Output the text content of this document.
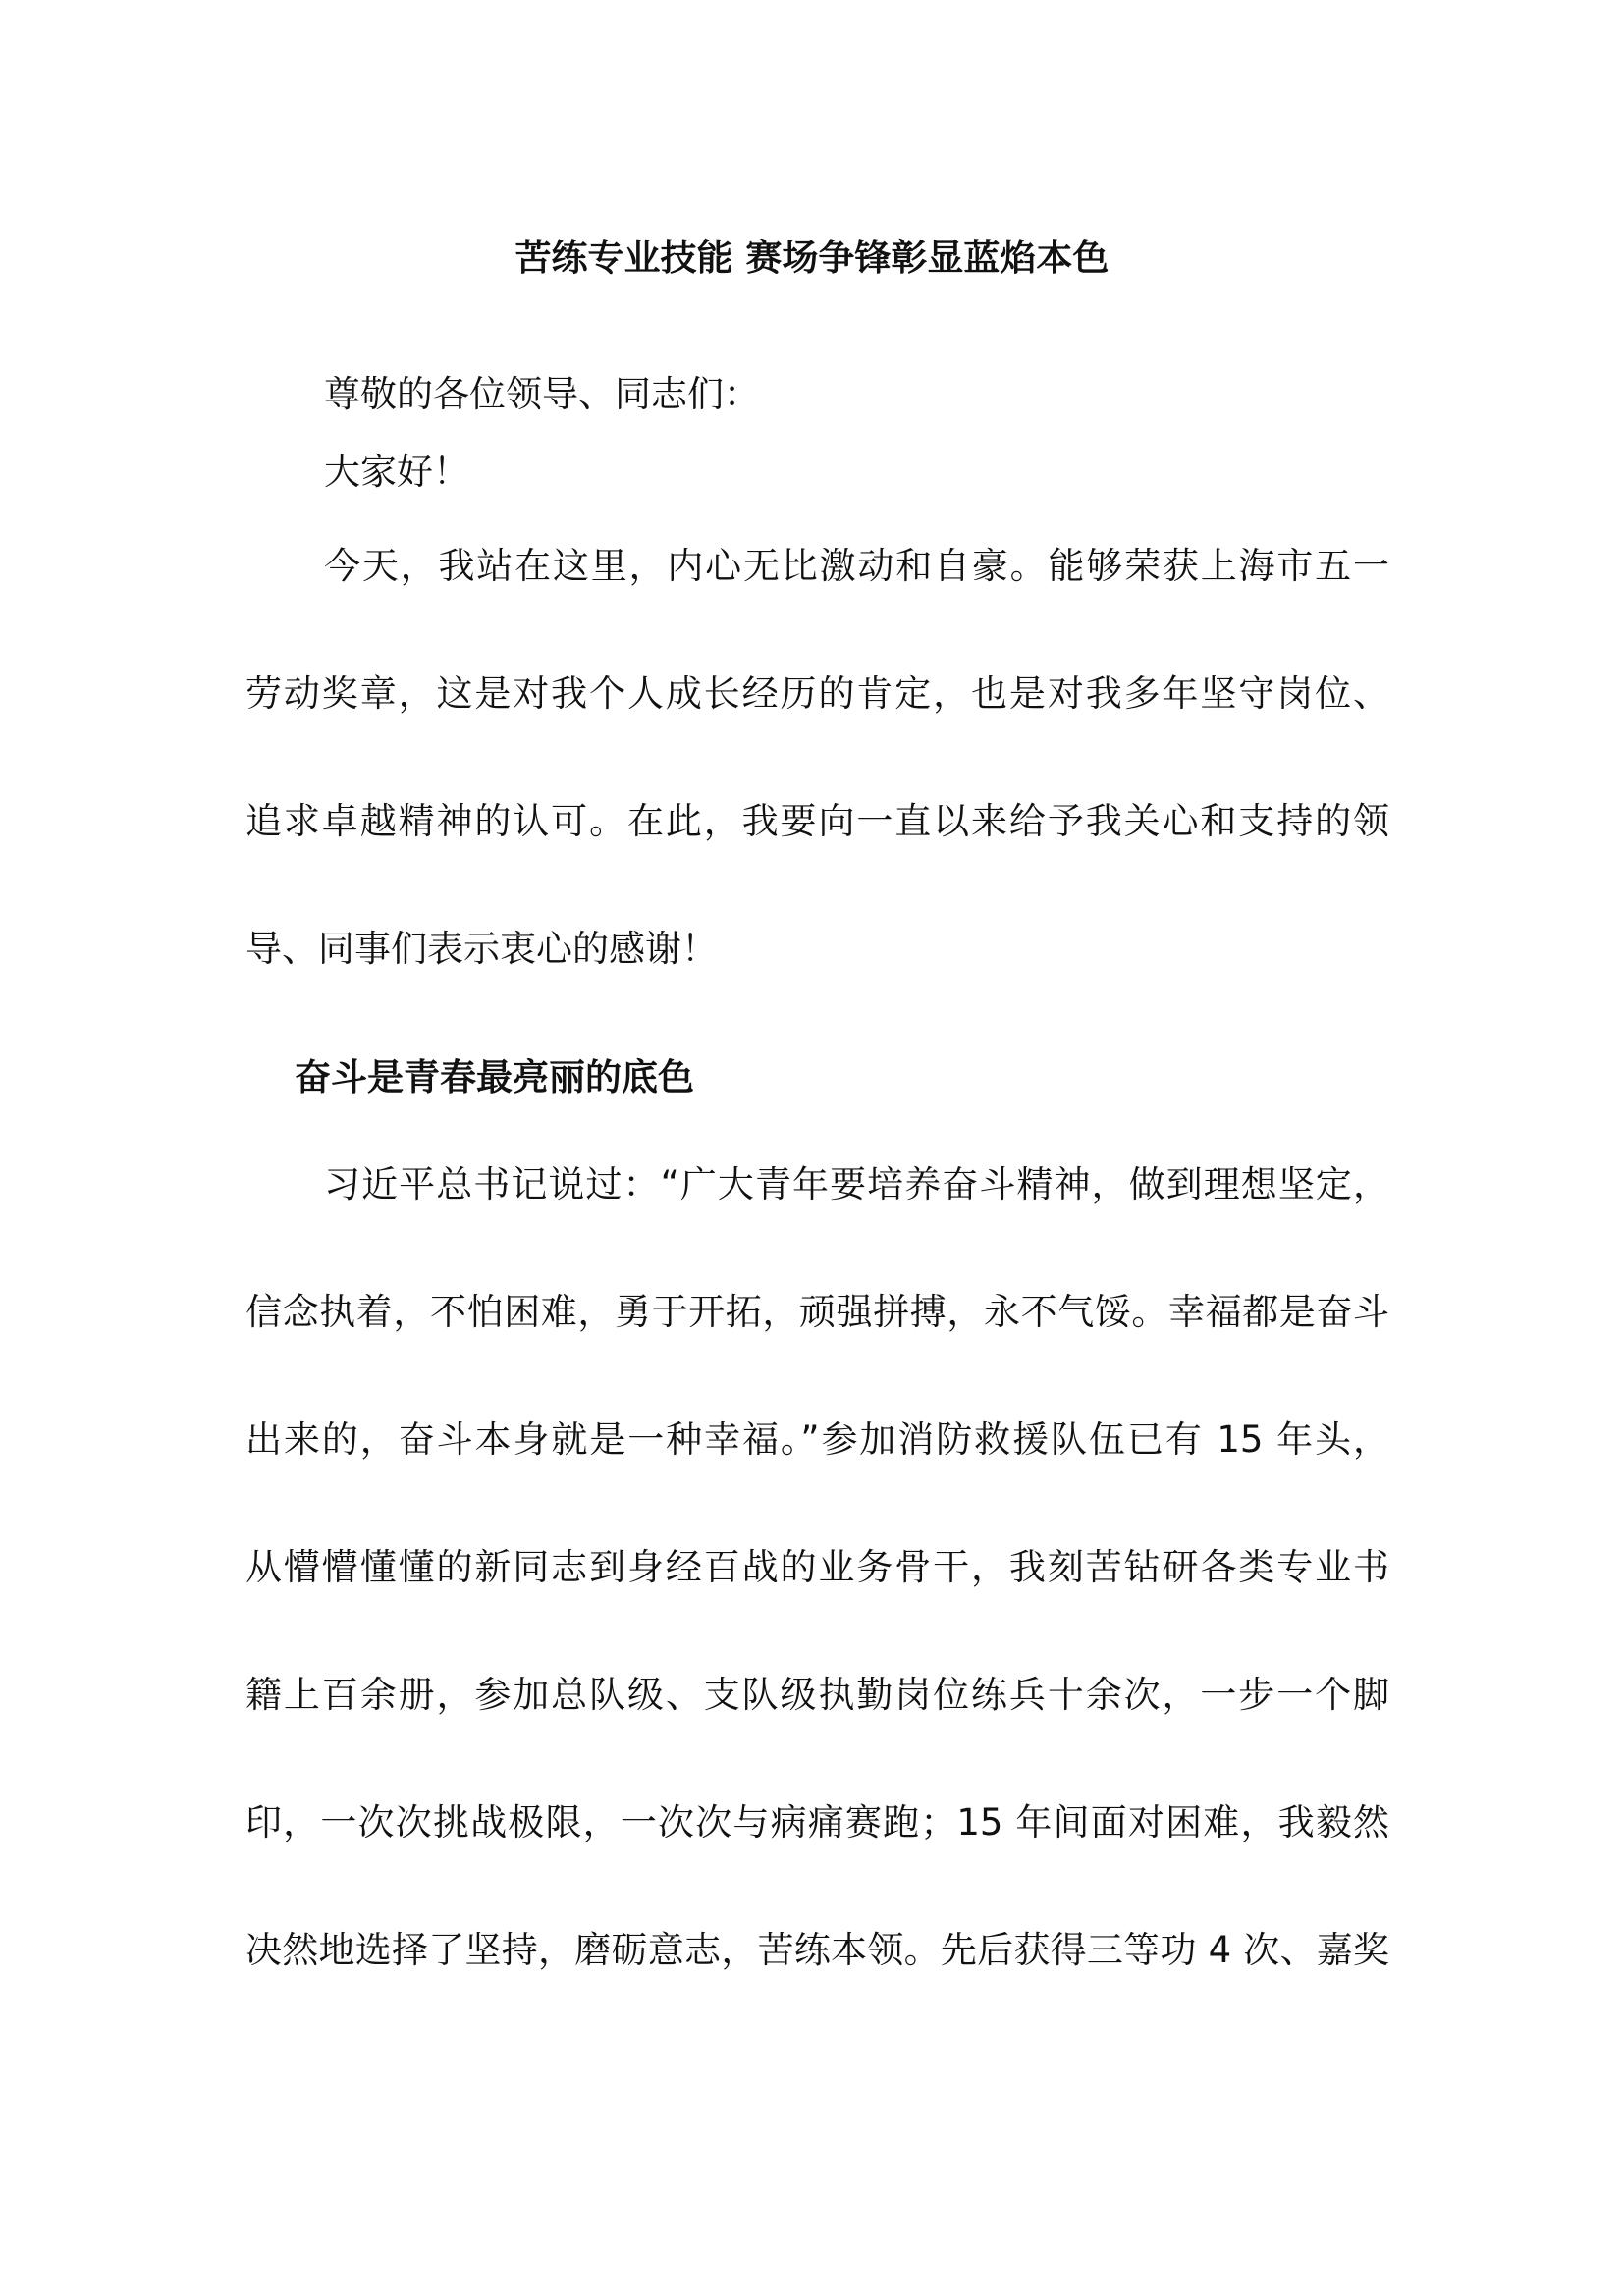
苦练专业技能 赛场争锋彰显蓝焰本色
尊敬的各位领导、同志们：
大家好！
今天，我站在这里，内心无比激动和自豪。能够荣获上海市五一
劳动奖章，这是对我个人成长经历的肯定，也是对我多年坚守岗位、
追求卓越精神的认可。在此，我要向一直以来给予我关心和支持的领
导、同事们表示衷心的感谢！
奋斗是青春最亮丽的底色
习近平总书记说过：“广大青年要培养奋斗精神，做到理想坚定，
信念执着，不怕困难，勇于开拓，顽强拼搏，永不气馁。幸福都是奋斗
出来的，奋斗本身就是一种幸福。”参加消防救援队伍已有 15 年头，
从懵懵懂懂的新同志到身经百战的业务骨干，我刻苦钻研各类专业书
籍上百余册，参加总队级、支队级执勤岗位练兵十余次，一步一个脚
印，一次次挑战极限，一次次与病痛赛跑；15 年间面对困难，我毅然
决然地选择了坚持，磨砺意志，苦练本领。先后获得三等功 4 次、嘉奖
